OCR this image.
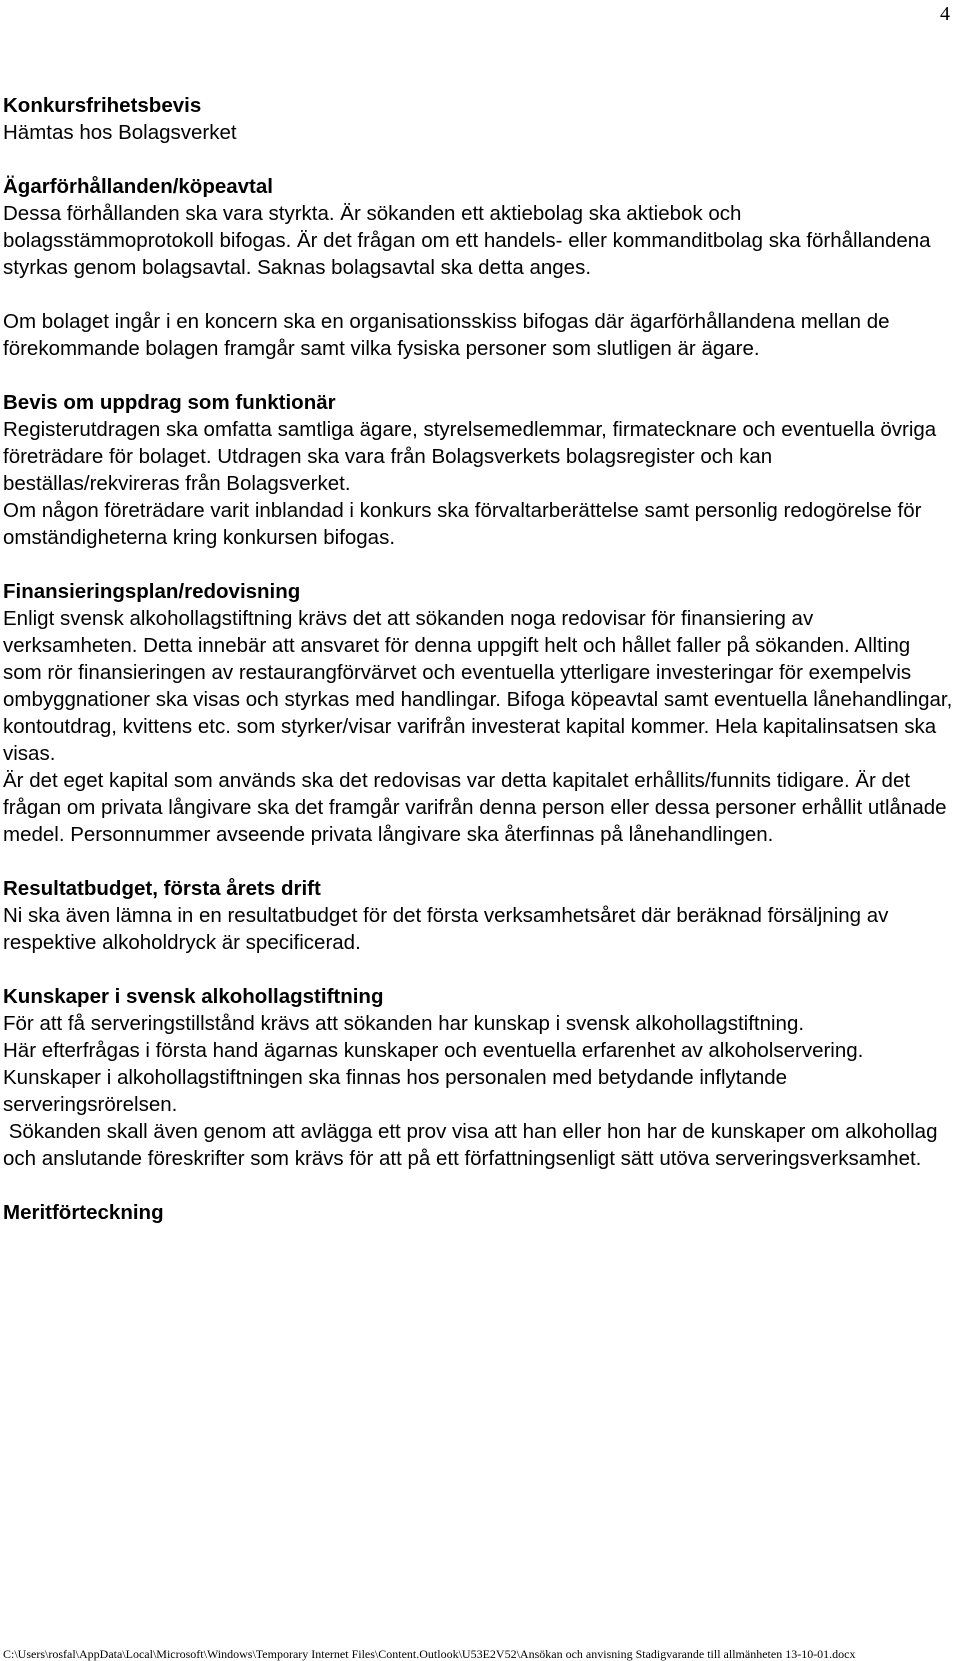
4

Konkursfrihetsbevis

Hämtas hos Bolagsverket

Ägarförhållanden/köpeavtal

Dessa förhållanden ska vara styrkta. Är sökanden ett aktiebolag ska aktiebok och bolagsstämmoprotokoll bifogas. Är det frågan om ett handels- eller kommanditbolag ska förhållandena styrkas genom bolagsavtal. Saknas bolagsavtal ska detta anges.

Om bolaget ingår i en koncern ska en organisationsskiss bifogas där ägarförhållandena mellan de förekommande bolagen framgår samt vilka fysiska personer som slutligen är ägare.

Bevis om uppdrag som funktionär

Registerutdragen ska omfatta samtliga ägare, styrelsemedlemmar, firmatecknare och eventuella övriga företrädare för bolaget. Utdragen ska vara från Bolagsverkets bolagsregister och kan beställas/rekvireras från Bolagsverket.

Om någon företrädare varit inblandad i konkurs ska förvaltarberättelse samt personlig redogörelse för omständigheterna kring konkursen bifogas.

Finansieringsplan/redovisning

Enligt svensk alkohollagstiftning krävs det att sökanden noga redovisar för finansiering av verksamheten. Detta innebär att ansvaret för denna uppgift helt och hållet faller på sökanden. Allting som rör finansieringen av restaurangförvärvet och eventuella ytterligare investeringar för exempelvis ombyggnationer ska visas och styrkas med handlingar. Bifoga köpeavtal samt eventuella lånehandlingar, kontoutdrag, kvittens etc. som styrker/visar varifrån investerat kapital kommer. Hela kapitalinsatsen ska visas.

Är det eget kapital som används ska det redovisas var detta kapitalet erhållits/funnits tidigare. Är det frågan om privata långivare ska det framgår varifrån denna person eller dessa personer erhållit utlånade medel. Personnummer avseende privata långivare ska återfinnas på lånehandlingen.

Resultatbudget, första årets drift

Ni ska även lämna in en resultatbudget för det första verksamhetsåret där beräknad försäljning av respektive alkoholdryck är specificerad.

Kunskaper i svensk alkohollagstiftning

För att få serveringstillstånd krävs att sökanden har kunskap i svensk alkohollagstiftning.

Här efterfrågas i första hand ägarnas kunskaper och eventuella erfarenhet av alkoholservering.

Kunskaper i alkohollagstiftningen ska finnas hos personalen med betydande inflytande serveringsrörelsen.

Sökanden skall även genom att avlägga ett prov visa att han eller hon har de kunskaper om alkohollag och anslutande föreskrifter som krävs för att på ett författningsenligt sätt utöva serveringsverksamhet.

Meritförteckning

C:\Users\rosfal\AppData\Local\Microsoft\Windows\Temporary Internet Files\Content.Outlook\U53E2V52\Ansökan och anvisning Stadigvarande till allmänheten 13-10-01.docx
